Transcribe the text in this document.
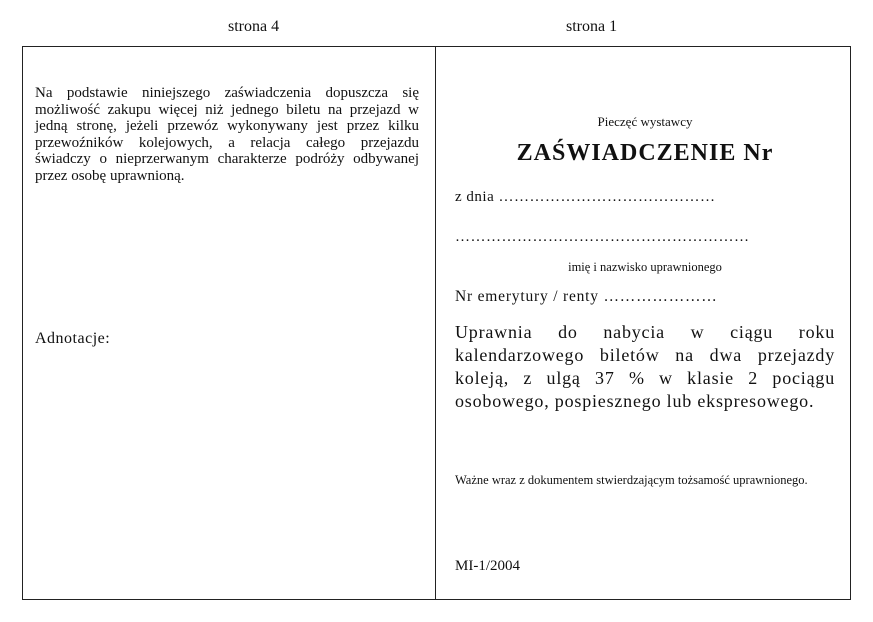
strona 4	strona 1

Na podstawie niniejszego zaświadczenia dopuszcza się możliwość zakupu więcej niż jednego biletu na przejazd w jedną stronę, jeżeli przewóz wykonywany jest przez kilku przewoźników kolejowych, a relacja całego przejazdu świadczy o nieprzerwanym charakterze podróży odbywanej przez osobę uprawnioną.

Adnotacje:
Pieczęć wystawcy
ZAŚWIADCZENIE Nr
z dnia ……………………………………
…………………………………………………
imię i nazwisko uprawnionego
Nr emerytury / renty …………………

Uprawnia do nabycia w ciągu roku kalendarzowego biletów na dwa przejazdy koleją, z ulgą 37 % w klasie 2 pociągu osobowego, pospiesznego lub ekspresowego.

Ważne wraz z dokumentem stwierdzającym tożsamość uprawnionego.

MI-1/2004
